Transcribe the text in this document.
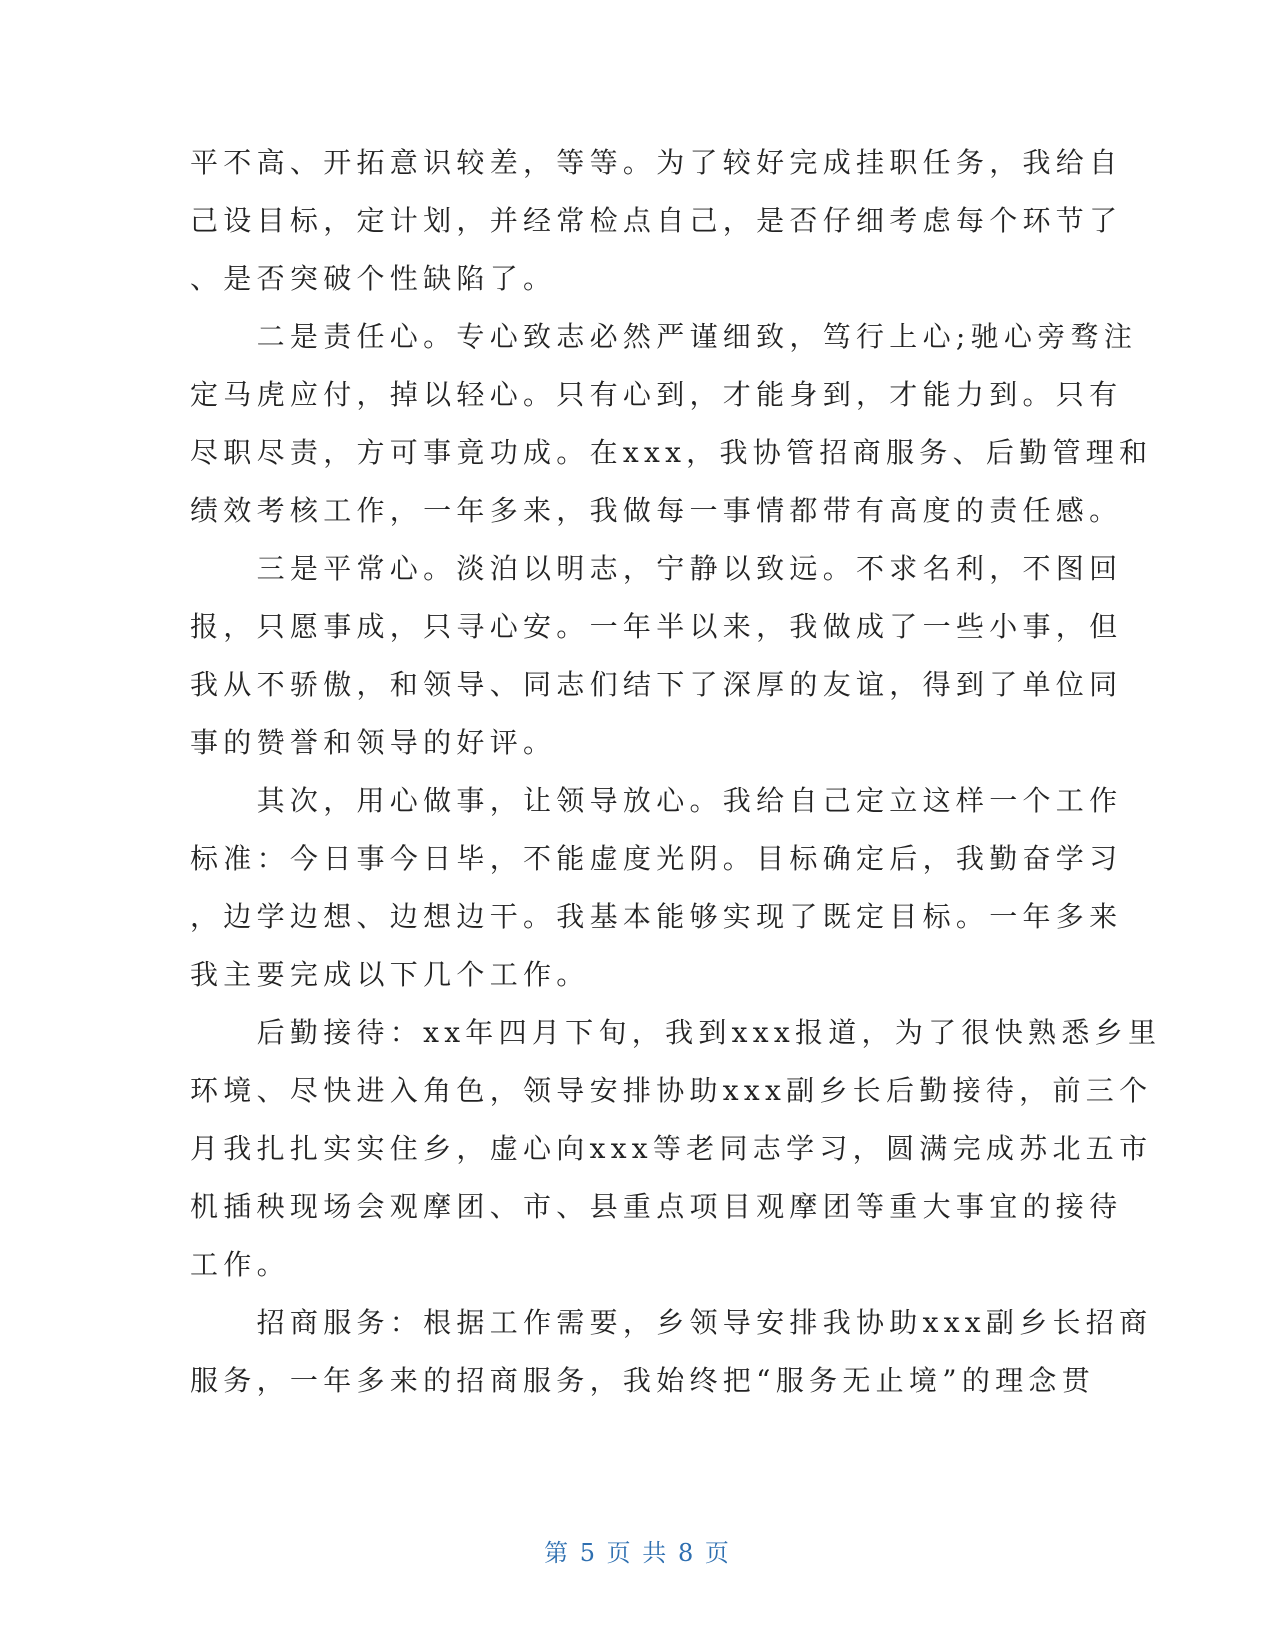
平不高、开拓意识较差，等等。为了较好完成挂职任务，我给自
己设目标，定计划，并经常检点自己，是否仔细考虑每个环节了
、是否突破个性缺陷了。
　　二是责任心。专心致志必然严谨细致，笃行上心;驰心旁骛注
定马虎应付，掉以轻心。只有心到，才能身到，才能力到。只有
尽职尽责，方可事竟功成。在xxx，我协管招商服务、后勤管理和
绩效考核工作，一年多来，我做每一事情都带有高度的责任感。
　　三是平常心。淡泊以明志，宁静以致远。不求名利，不图回
报，只愿事成，只寻心安。一年半以来，我做成了一些小事，但
我从不骄傲，和领导、同志们结下了深厚的友谊，得到了单位同
事的赞誉和领导的好评。
　　其次，用心做事，让领导放心。我给自己定立这样一个工作
标准：今日事今日毕，不能虚度光阴。目标确定后，我勤奋学习
，边学边想、边想边干。我基本能够实现了既定目标。一年多来
我主要完成以下几个工作。
　　后勤接待：xx年四月下旬，我到xxx报道，为了很快熟悉乡里
环境、尽快进入角色，领导安排协助xxx副乡长后勤接待，前三个
月我扎扎实实住乡，虚心向xxx等老同志学习，圆满完成苏北五市
机插秧现场会观摩团、市、县重点项目观摩团等重大事宜的接待
工作。
　　招商服务：根据工作需要，乡领导安排我协助xxx副乡长招商
服务，一年多来的招商服务，我始终把“服务无止境”的理念贯
第 5 页 共 8 页
